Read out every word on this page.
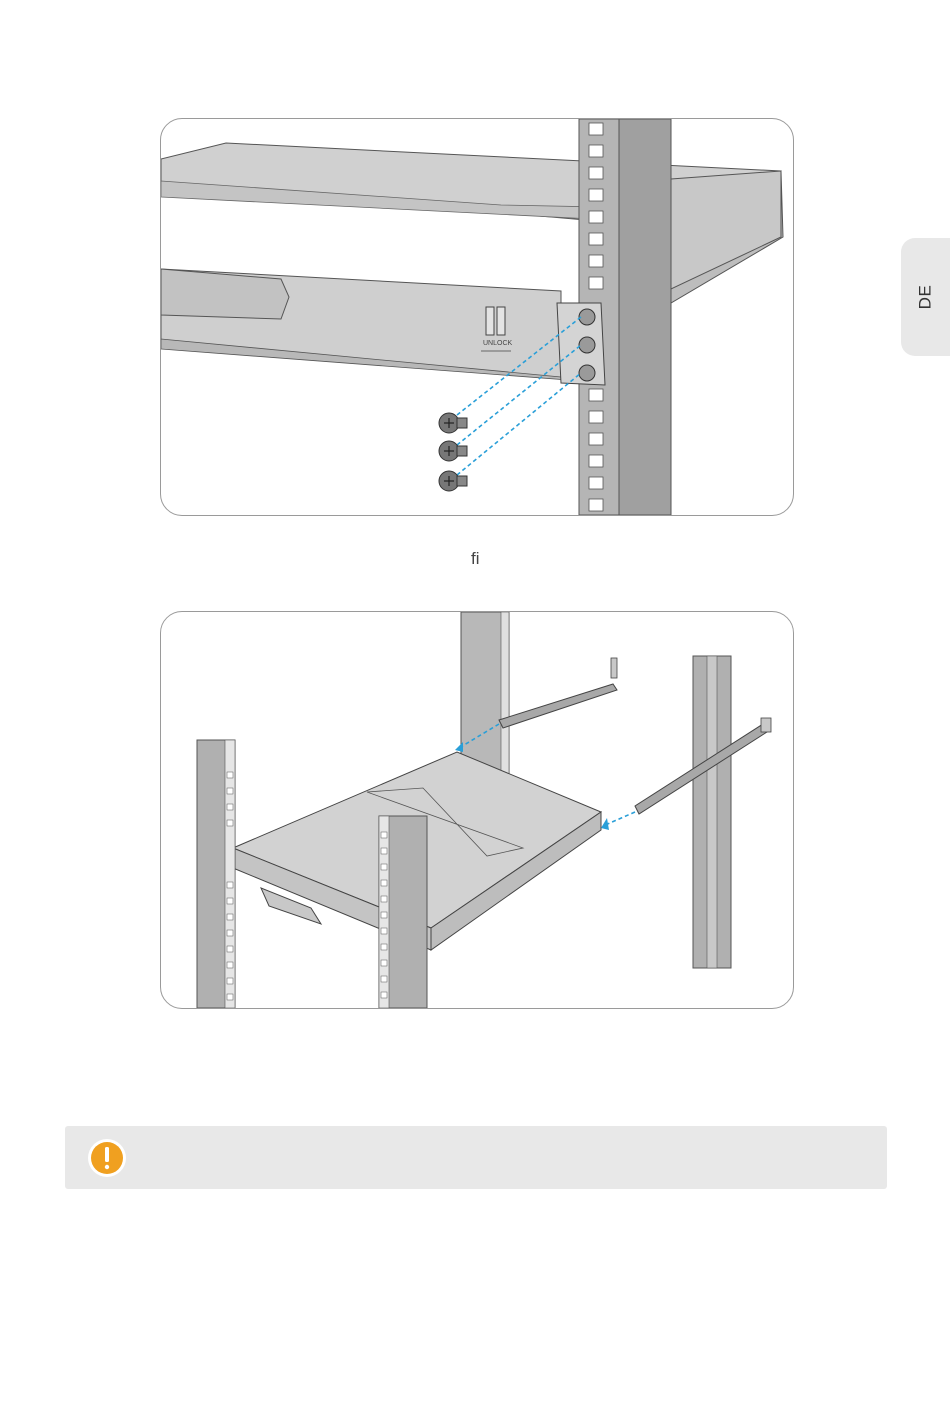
DE
UNLOCK
ﬁ
